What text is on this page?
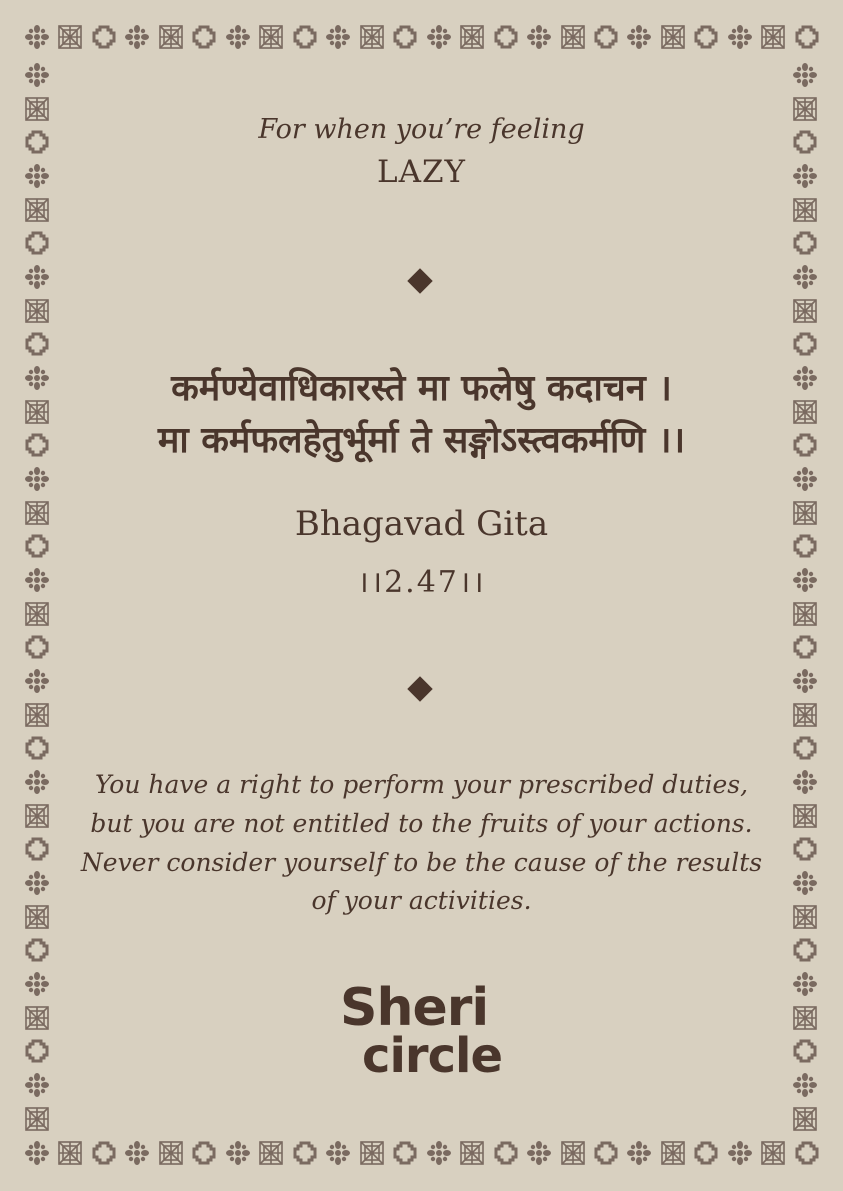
For when you’re feeling
LAZY
कर्मण्येवाधिकारस्ते मा फलेषु कदाचन ।
मा कर्मफलहेतुर्भूर्मा ते सङ्गोऽस्त्वकर्मणि ।।
Bhagavad Gita
।।2.47।।
You have a right to perform your prescribed duties,
but you are not entitled to the fruits of your actions.
Never consider yourself to be the cause of the results
of your activities.
Sheri
circle
